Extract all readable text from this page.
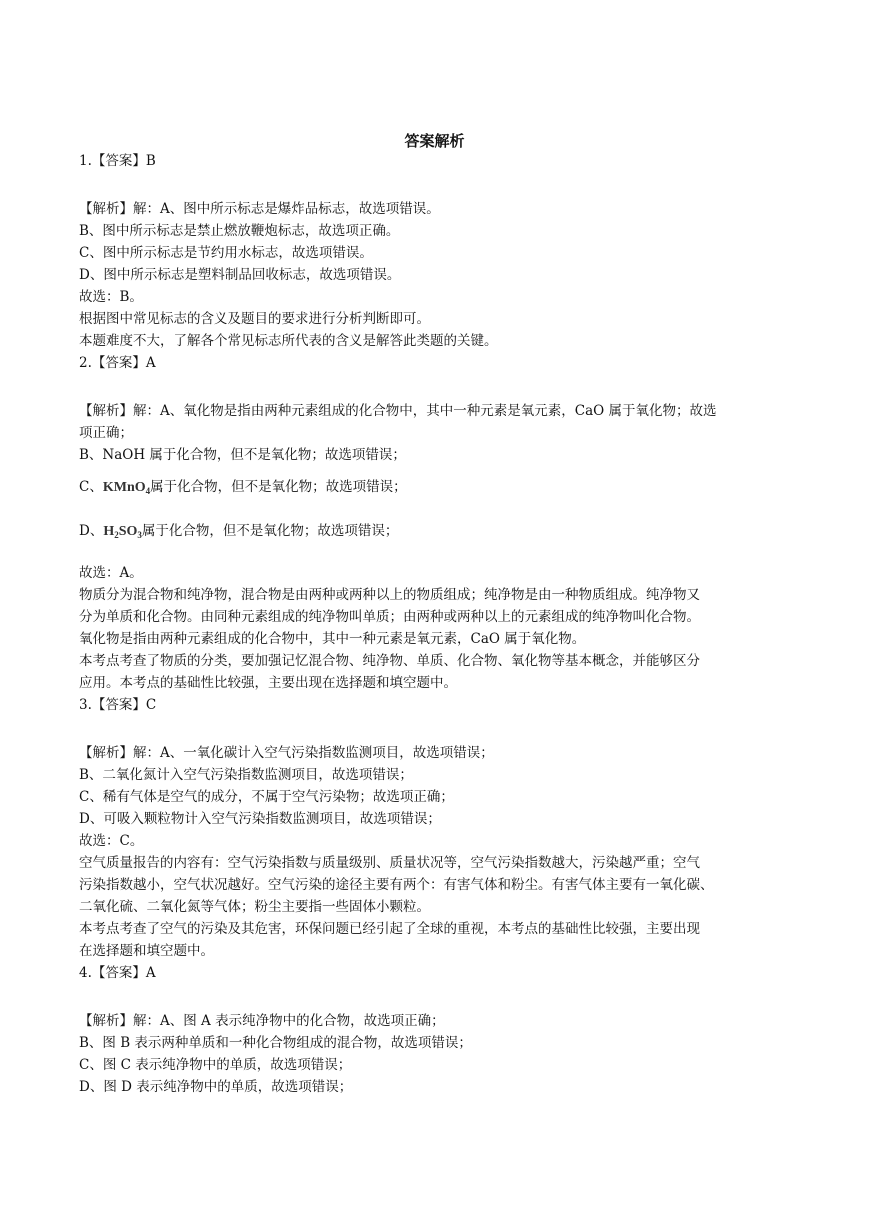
答案解析
1.【答案】B
【解析】解：A、图中所示标志是爆炸品标志，故选项错误。
B、图中所示标志是禁止燃放鞭炮标志，故选项正确。
C、图中所示标志是节约用水标志，故选项错误。
D、图中所示标志是塑料制品回收标志，故选项错误。
故选：B。
根据图中常见标志的含义及题目的要求进行分析判断即可。
本题难度不大，了解各个常见标志所代表的含义是解答此类题的关键。
2.【答案】A
【解析】解：A、氧化物是指由两种元素组成的化合物中，其中一种元素是氧元素，CaO 属于氧化物；故选
项正确；
B、NaOH 属于化合物，但不是氧化物；故选项错误；
C、KMnO$_4$属于化合物，但不是氧化物；故选项错误；
D、$H_2SO_3$属于化合物，但不是氧化物；故选项错误；
故选：A。
物质分为混合物和纯净物，混合物是由两种或两种以上的物质组成；纯净物是由一种物质组成。纯净物又
分为单质和化合物。由同种元素组成的纯净物叫单质；由两种或两种以上的元素组成的纯净物叫化合物。
氧化物是指由两种元素组成的化合物中，其中一种元素是氧元素，CaO 属于氧化物。
本考点考查了物质的分类，要加强记忆混合物、纯净物、单质、化合物、氧化物等基本概念，并能够区分
应用。本考点的基础性比较强，主要出现在选择题和填空题中。
3.【答案】C
【解析】解：A、一氧化碳计入空气污染指数监测项目，故选项错误；
B、二氧化氮计入空气污染指数监测项目，故选项错误；
C、稀有气体是空气的成分，不属于空气污染物；故选项正确；
D、可吸入颗粒物计入空气污染指数监测项目，故选项错误；
故选：C。
空气质量报告的内容有：空气污染指数与质量级别、质量状况等，空气污染指数越大，污染越严重；空气
污染指数越小，空气状况越好。空气污染的途径主要有两个：有害气体和粉尘。有害气体主要有一氧化碳、
二氧化硫、二氧化氮等气体；粉尘主要指一些固体小颗粒。
本考点考查了空气的污染及其危害，环保问题已经引起了全球的重视，本考点的基础性比较强，主要出现
在选择题和填空题中。
4.【答案】A
【解析】解：A、图 A 表示纯净物中的化合物，故选项正确；
B、图 B 表示两种单质和一种化合物组成的混合物，故选项错误；
C、图 C 表示纯净物中的单质，故选项错误；
D、图 D 表示纯净物中的单质，故选项错误；
